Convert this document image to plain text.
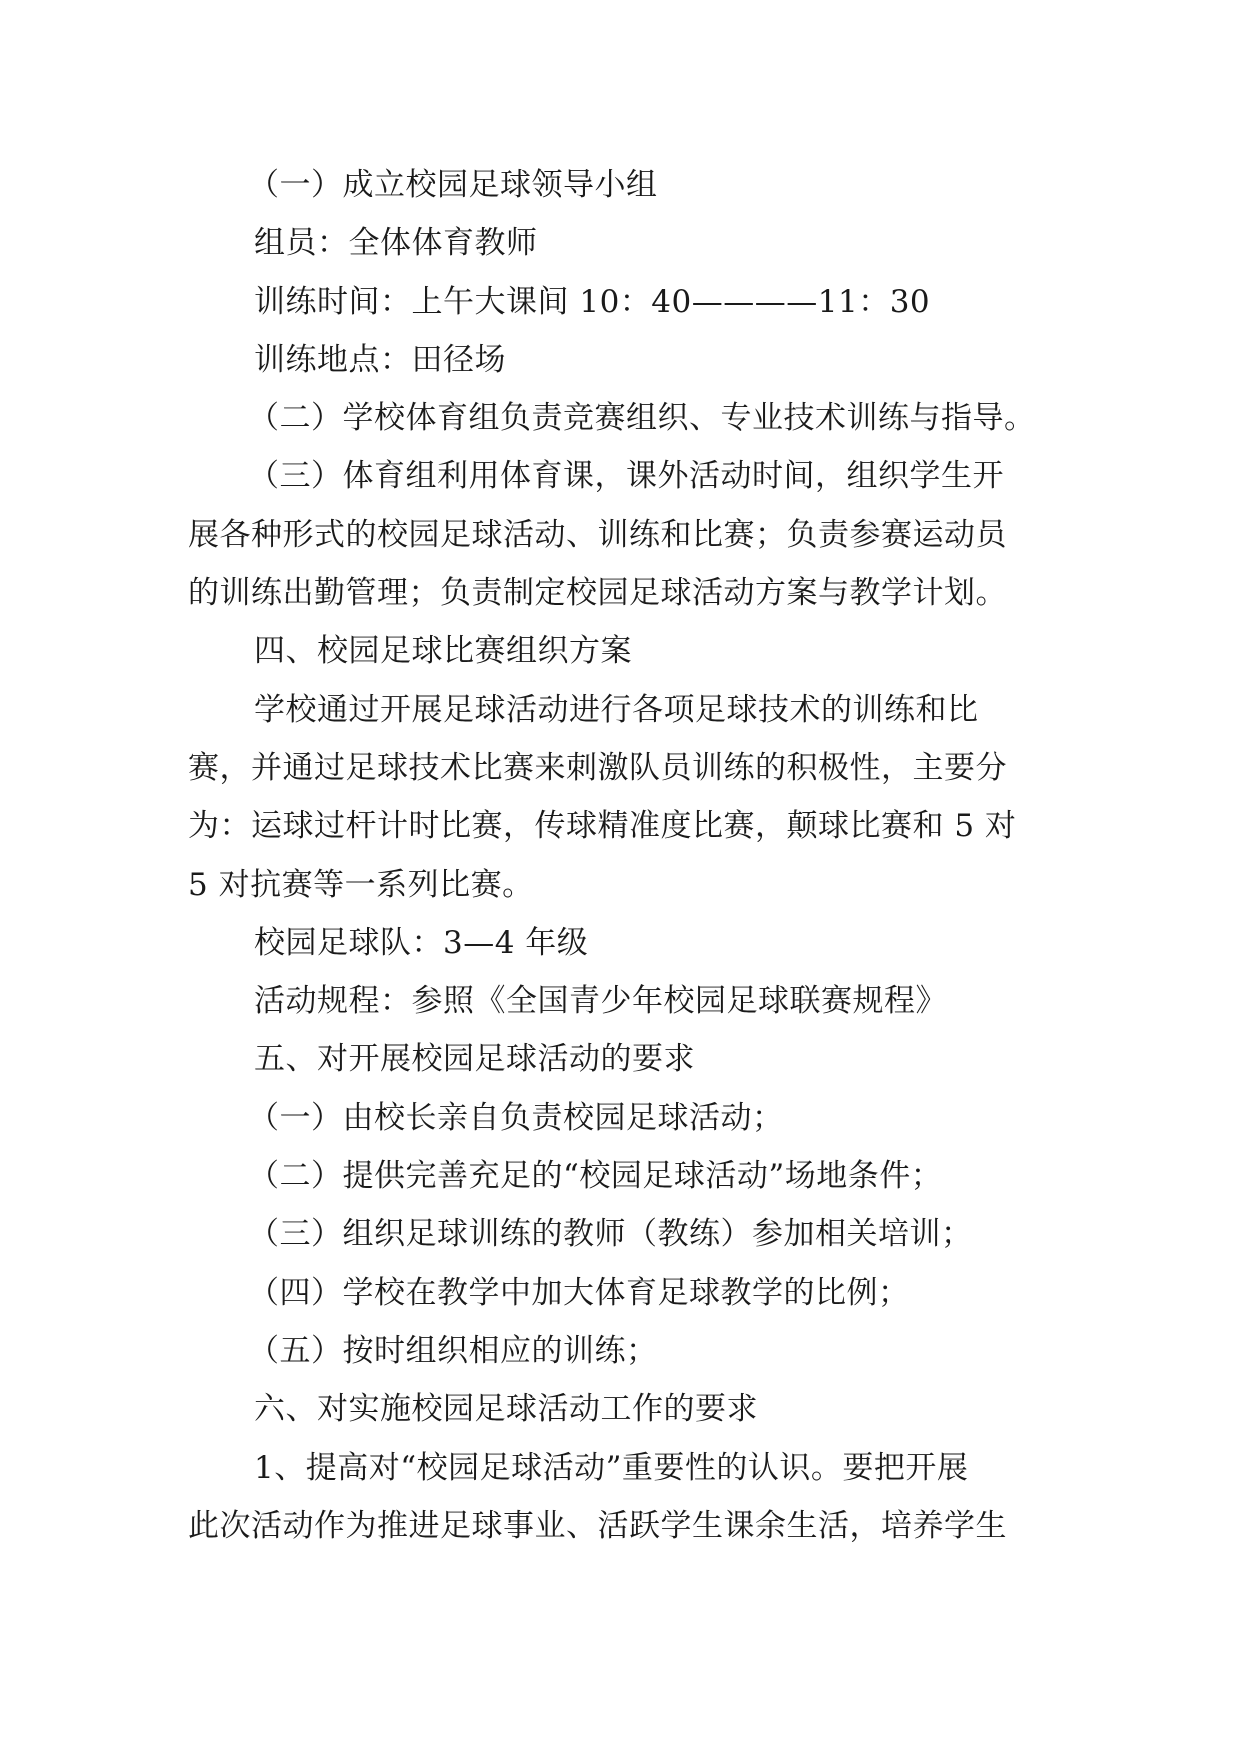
（一）成立校园足球领导小组
组员：全体体育教师
训练时间：上午大课间 10：40————11：30
训练地点：田径场
（二）学校体育组负责竞赛组织、专业技术训练与指导。
（三）体育组利用体育课，课外活动时间，组织学生开
展各种形式的校园足球活动、训练和比赛；负责参赛运动员
的训练出勤管理；负责制定校园足球活动方案与教学计划。
四、校园足球比赛组织方案
学校通过开展足球活动进行各项足球技术的训练和比
赛，并通过足球技术比赛来刺激队员训练的积极性，主要分
为：运球过杆计时比赛，传球精准度比赛，颠球比赛和 5 对
5 对抗赛等一系列比赛。
校园足球队：3—4 年级
活动规程：参照《全国青少年校园足球联赛规程》
五、对开展校园足球活动的要求
（一）由校长亲自负责校园足球活动；
（二）提供完善充足的“校园足球活动”场地条件；
（三）组织足球训练的教师（教练）参加相关培训；
（四）学校在教学中加大体育足球教学的比例；
（五）按时组织相应的训练；
六、对实施校园足球活动工作的要求
1、提高对“校园足球活动”重要性的认识。要把开展
此次活动作为推进足球事业、活跃学生课余生活，培养学生
